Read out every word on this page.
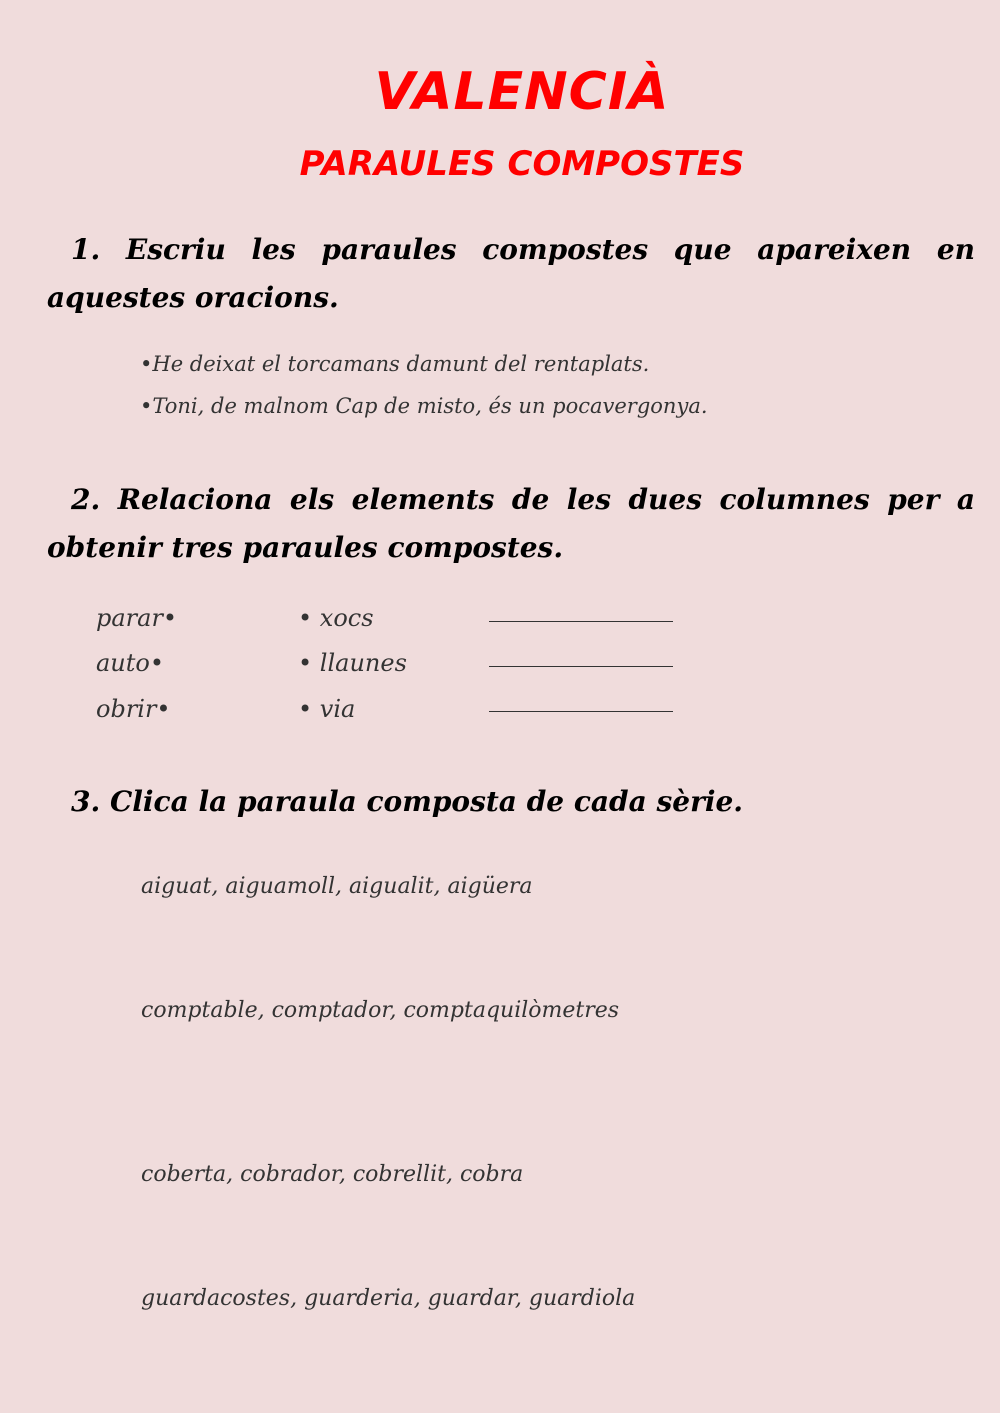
VALENCIÀ
PARAULES COMPOSTES
1. Escriu les paraules compostes que apareixen en aquestes oracions.
•He deixat el torcamans damunt del rentaplats.
•Toni, de malnom Cap de misto, és un pocavergonya.
2. Relaciona els elements de les dues columnes per a obtenir tres paraules compostes.
parar•
auto•
obrir•
• xocs
• llaunes
• via
3. Clica la paraula composta de cada sèrie.
aiguat, aiguamoll, aigualit, aigüera
comptable, comptador, comptaquilòmetres
coberta, cobrador, cobrellit, cobra
guardacostes, guarderia, guardar, guardiola
